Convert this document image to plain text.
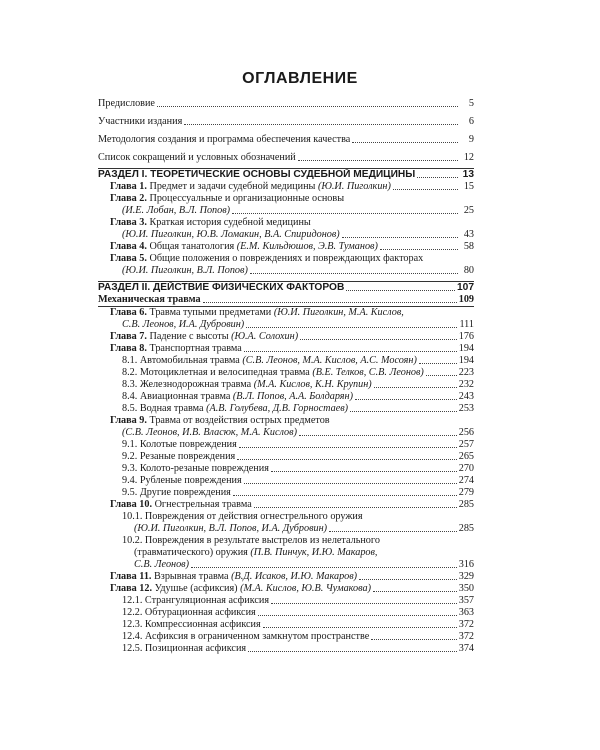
ОГЛАВЛЕНИЕ
Предисловие	5
Участники издания	6
Методология создания и программа обеспечения качества	9
Список сокращений и условных обозначений	12
РАЗДЕЛ I. ТЕОРЕТИЧЕСКИЕ ОСНОВЫ СУДЕБНОЙ МЕДИЦИНЫ	13
Глава 1. Предмет и задачи судебной медицины (Ю.И. Пиголкин)	15
Глава 2. Процессуальные и организационные основы
(И.Е. Лобан, В.Л. Попов)	25
Глава 3. Краткая история судебной медицины
(Ю.И. Пиголкин, Ю.В. Ломакин, В.А. Спиридонов)	43
Глава 4. Общая танатология (Е.М. Кильдюшов, Э.В. Туманов)	58
Глава 5. Общие положения о повреждениях и повреждающих факторах
(Ю.И. Пиголкин, В.Л. Попов)	80
РАЗДЕЛ II. ДЕЙСТВИЕ ФИЗИЧЕСКИХ ФАКТОРОВ	107
Механическая травма	109
Глава 6. Травма тупыми предметами (Ю.И. Пиголкин, М.А. Кислов,
С.В. Леонов, И.А. Дубровин)	111
Глава 7. Падение с высоты (Ю.А. Солохин)	176
Глава 8. Транспортная травма	194
8.1. Автомобильная травма (С.В. Леонов, М.А. Кислов, А.С. Мосоян)	194
8.2. Мотоциклетная и велосипедная травма (В.Е. Телков, С.В. Леонов)	223
8.3. Железнодорожная травма (М.А. Кислов, К.Н. Крупин)	232
8.4. Авиационная травма (В.Л. Попов, А.А. Болдарян)	243
8.5. Водная травма (А.В. Голубева, Д.В. Горностаев)	253
Глава 9. Травма от воздействия острых предметов
(С.В. Леонов, И.В. Власюк, М.А. Кислов)	256
9.1. Колотые повреждения	257
9.2. Резаные повреждения	265
9.3. Колото-резаные повреждения	270
9.4. Рубленые повреждения	274
9.5. Другие повреждения	279
Глава 10. Огнестрельная травма	285
10.1. Повреждения от действия огнестрельного оружия
(Ю.И. Пиголкин, В.Л. Попов, И.А. Дубровин)	285
10.2. Повреждения в результате выстрелов из нелетального
(травматического) оружия (П.В. Пинчук, И.Ю. Макаров,
С.В. Леонов)	316
Глава 11. Взрывная травма (В.Д. Исаков, И.Ю. Макаров)	329
Глава 12. Удушье (асфиксия) (М.А. Кислов, Ю.В. Чумакова)	350
12.1. Странгуляционная асфиксия	357
12.2. Обтурационная асфиксия	363
12.3. Компрессионная асфиксия	372
12.4. Асфиксия в ограниченном замкнутом пространстве	372
12.5. Позиционная асфиксия	374
